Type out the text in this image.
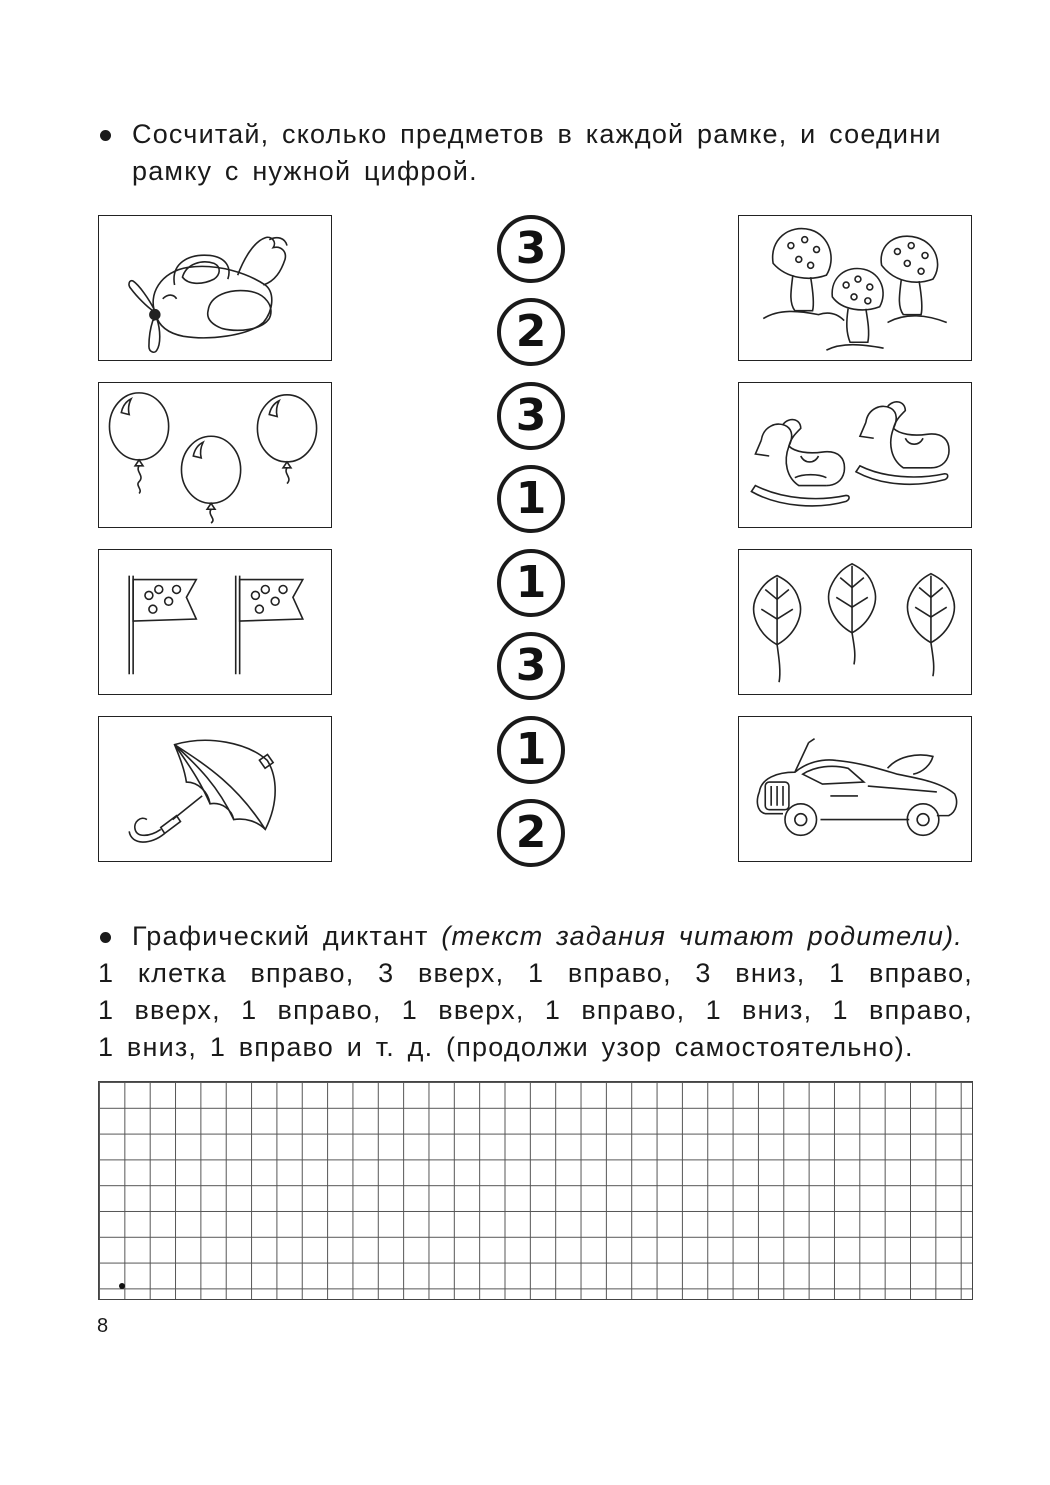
Сосчитай, сколько предметов в каждой рамке, и соедини
рамку с нужной цифрой.
3
2
3
1
1
3
1
2
Графический диктант (текст задания читают родители).
1 клетка вправо, 3 вверх, 1 вправо, 3 вниз, 1 вправо,
1 вверх, 1 вправо, 1 вверх, 1 вправо, 1 вниз, 1 вправо,
1 вниз, 1 вправо и т. д. (продолжи узор самостоятельно).
8
